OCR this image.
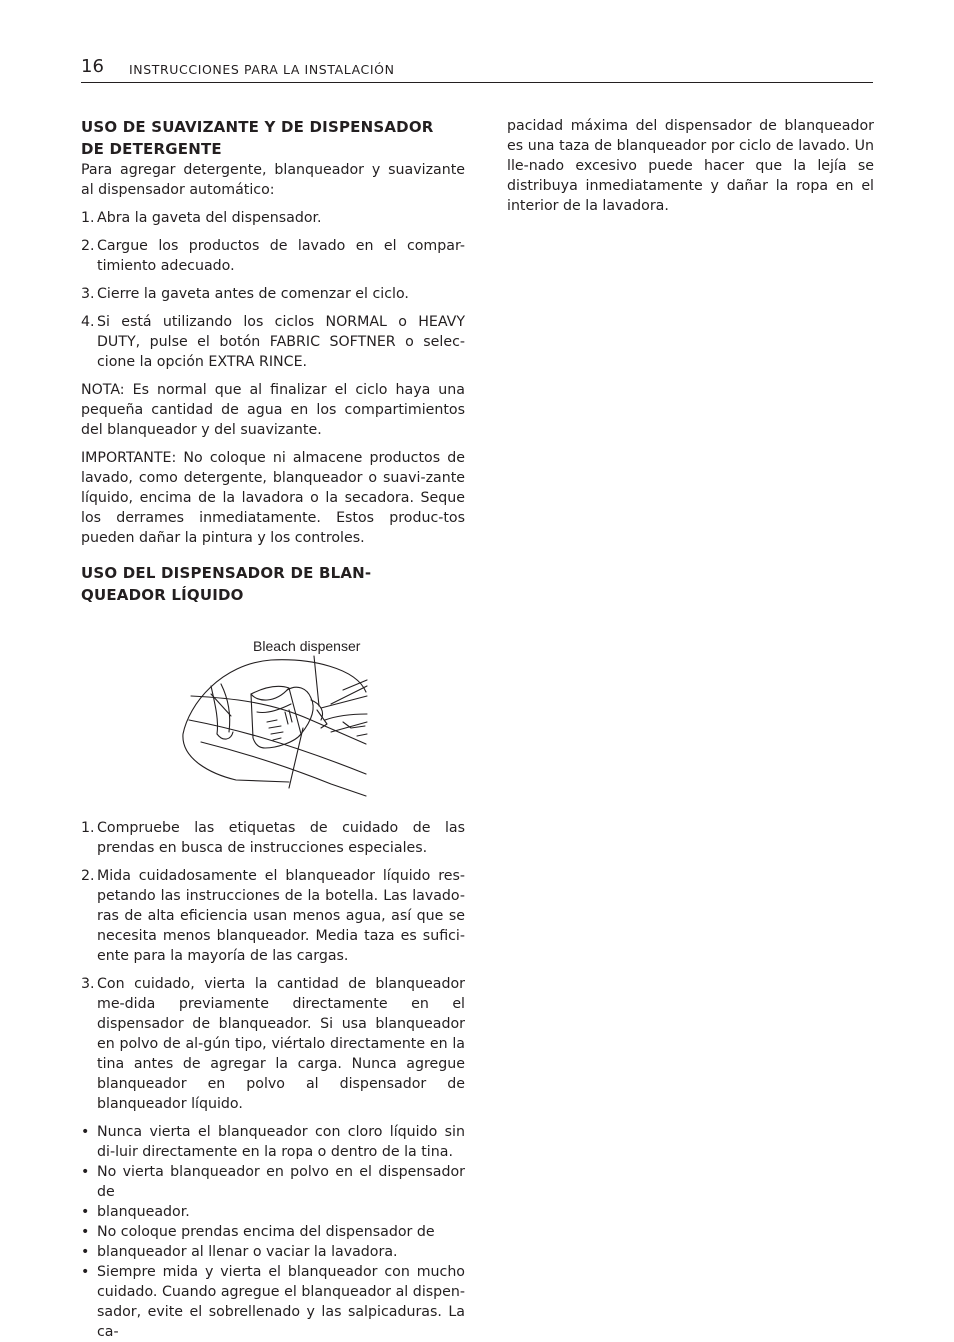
16 INSTRUCCIONES PARA LA INSTALACIÓN
USO DE SUAVIZANTE Y DE DISPENSADOR
DE DETERGENTE

Para agregar detergente, blanqueador y suavizante al dispensador automático:

1. Abra la gaveta del dispensador.
2. Cargue los productos de lavado en el compar-timiento adecuado.
3. Cierre la gaveta antes de comenzar el ciclo.
4. Si está utilizando los ciclos NORMAL o HEAVY DUTY, pulse el botón FABRIC SOFTNER o selec-cione la opción EXTRA RINCE.

NOTA: Es normal que al finalizar el ciclo haya una pequeña cantidad de agua en los compartimientos del blanqueador y del suavizante.

IMPORTANTE: No coloque ni almacene productos de lavado, como detergente, blanqueador o suavi-zante líquido, encima de la lavadora o la secadora. Seque los derrames inmediatamente. Estos produc-tos pueden dañar la pintura y los controles.

USO DEL DISPENSADOR DE BLAN-
QUEADOR LÍQUIDO
Bleach dispenser
1. Compruebe las etiquetas de cuidado de las prendas en busca de instrucciones especiales.
2. Mida cuidadosamente el blanqueador líquido res-petando las instrucciones de la botella. Las lavado-ras de alta eficiencia usan menos agua, así que se necesita menos blanqueador. Media taza es sufici-ente para la mayoría de las cargas.
3. Con cuidado, vierta la cantidad de blanqueador me-dida previamente directamente en el dispensador de blanqueador. Si usa blanqueador en polvo de al-gún tipo, viértalo directamente en la tina antes de agregar la carga. Nunca agregue blanqueador en polvo al dispensador de blanqueador líquido.
• Nunca vierta el blanqueador con cloro líquido sin di-luir directamente en la ropa o dentro de la tina.
• No vierta blanqueador en polvo en el dispensador de
• blanqueador.
• No coloque prendas encima del dispensador de
• blanqueador al llenar o vaciar la lavadora.
• Siempre mida y vierta el blanqueador con mucho cuidado. Cuando agregue el blanqueador al dispen-sador, evite el sobrellenado y las salpicaduras. La ca-

pacidad máxima del dispensador de blanqueador es una taza de blanqueador por ciclo de lavado. Un lle-nado excesivo puede hacer que la lejía se distribuya inmediatamente y dañar la ropa en el interior de la lavadora.
